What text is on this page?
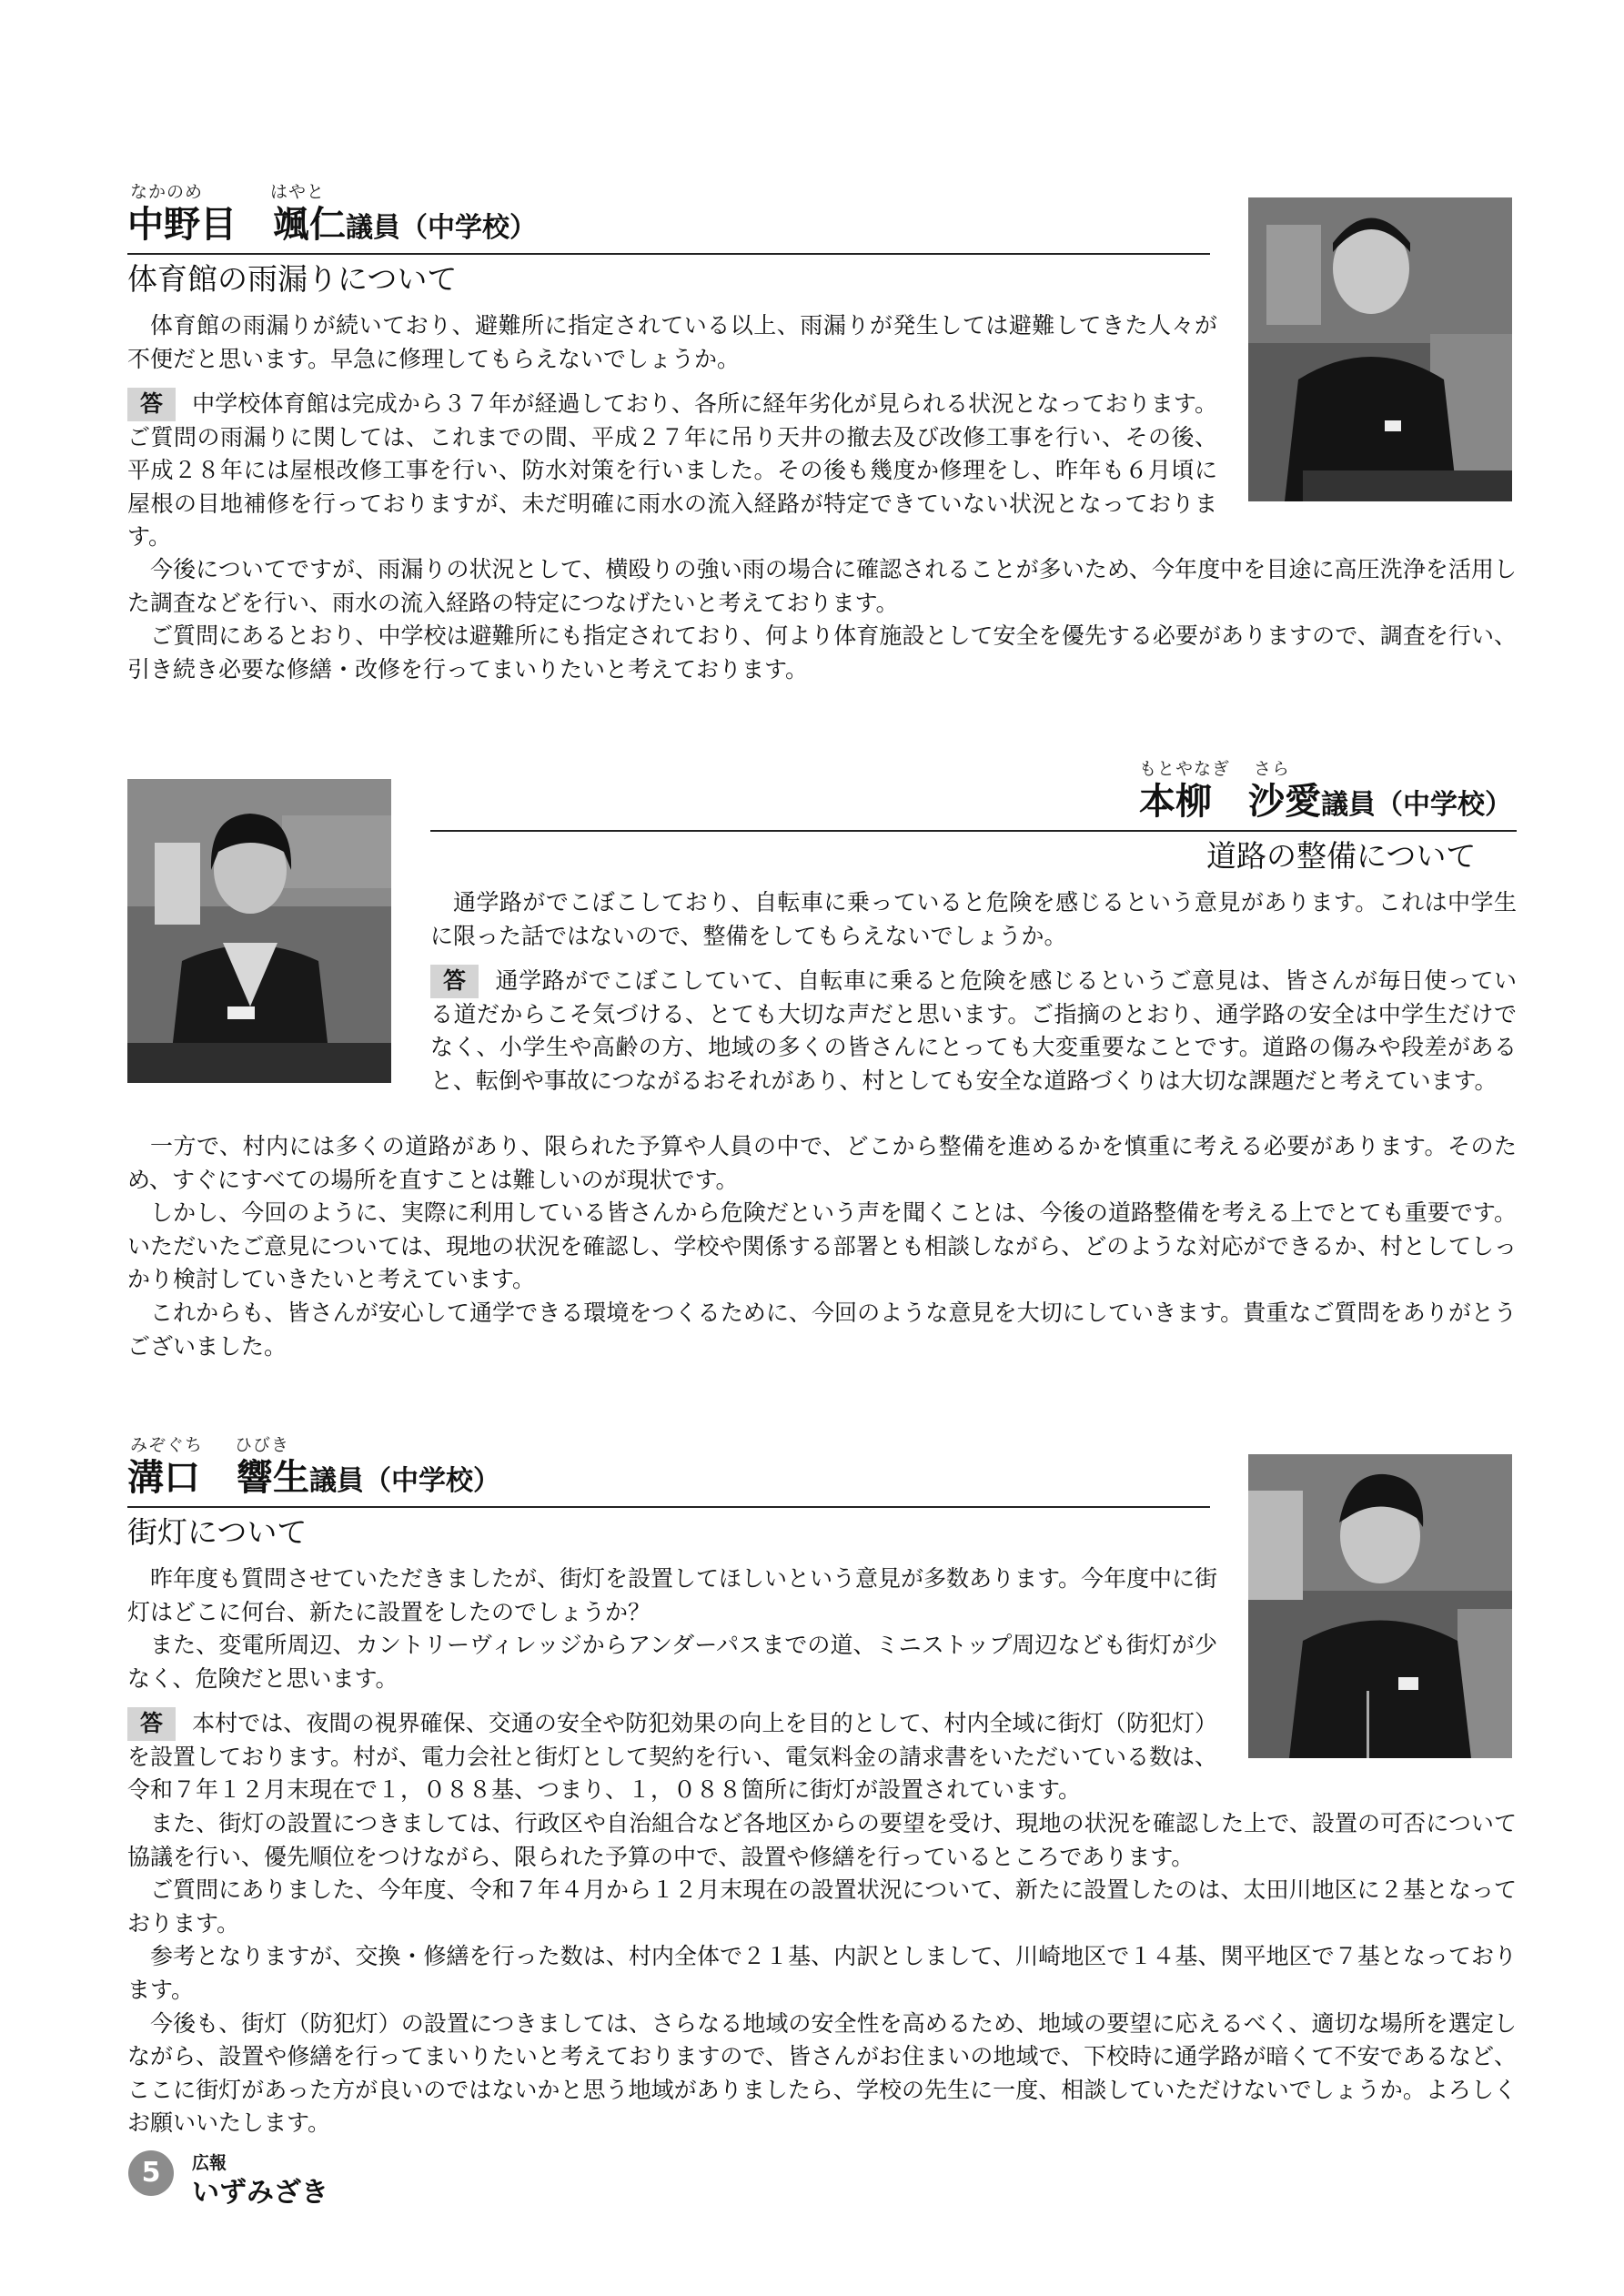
なかのめ	はやと
中野目　颯仁議員（中学校）
体育館の雨漏りについて

体育館の雨漏りが続いており、避難所に指定されている以上、雨漏りが発生しては避難してきた人々が不便だと思います。早急に修理してもらえないでしょうか。

答 中学校体育館は完成から３７年が経過しており、各所に経年劣化が見られる状況となっております。ご質問の雨漏りに関しては、これまでの間、平成２７年に吊り天井の撤去及び改修工事を行い、その後、平成２８年には屋根改修工事を行い、防水対策を行いました。その後も幾度か修理をし、昨年も６月頃に屋根の目地補修を行っておりますが、未だ明確に雨水の流入経路が特定できていない状況となっております。

今後についてですが、雨漏りの状況として、横殴りの強い雨の場合に確認されることが多いため、今年度中を目途に高圧洗浄を活用した調査などを行い、雨水の流入経路の特定につなげたいと考えております。

ご質問にあるとおり、中学校は避難所にも指定されており、何より体育施設として安全を優先する必要がありますので、調査を行い、引き続き必要な修繕・改修を行ってまいりたいと考えております。

もとやなぎ さら
本柳　沙愛議員（中学校）
道路の整備について

通学路がでこぼこしており、自転車に乗っていると危険を感じるという意見があります。これは中学生に限った話ではないので、整備をしてもらえないでしょうか。

答 通学路がでこぼこしていて、自転車に乗ると危険を感じるというご意見は、皆さんが毎日使っている道だからこそ気づける、とても大切な声だと思います。ご指摘のとおり、通学路の安全は中学生だけでなく、小学生や高齢の方、地域の多くの皆さんにとっても大変重要なことです。道路の傷みや段差があると、転倒や事故につながるおそれがあり、村としても安全な道路づくりは大切な課題だと考えています。

一方で、村内には多くの道路があり、限られた予算や人員の中で、どこから整備を進めるかを慎重に考える必要があります。そのため、すぐにすべての場所を直すことは難しいのが現状です。

しかし、今回のように、実際に利用している皆さんから危険だという声を聞くことは、今後の道路整備を考える上でとても重要です。いただいたご意見については、現地の状況を確認し、学校や関係する部署とも相談しながら、どのような対応ができるか、村としてしっかり検討していきたいと考えています。

これからも、皆さんが安心して通学できる環境をつくるために、今回のような意見を大切にしていきます。貴重なご質問をありがとうございました。

みぞぐち ひびき
溝口　響生議員（中学校）
街灯について

昨年度も質問させていただきましたが、街灯を設置してほしいという意見が多数あります。今年度中に街灯はどこに何台、新たに設置をしたのでしょうか？

また、変電所周辺、カントリーヴィレッジからアンダーパスまでの道、ミニストップ周辺なども街灯が少なく、危険だと思います。

答 本村では、夜間の視界確保、交通の安全や防犯効果の向上を目的として、村内全域に街灯（防犯灯）を設置しております。村が、電力会社と街灯として契約を行い、電気料金の請求書をいただいている数は、令和７年１２月末現在で１，０８８基、つまり、１，０８８箇所に街灯が設置されています。

また、街灯の設置につきましては、行政区や自治組合など各地区からの要望を受け、現地の状況を確認した上で、設置の可否について協議を行い、優先順位をつけながら、限られた予算の中で、設置や修繕を行っているところであります。

ご質問にありました、今年度、令和７年４月から１２月末現在の設置状況について、新たに設置したのは、太田川地区に２基となっております。

参考となりますが、交換・修繕を行った数は、村内全体で２１基、内訳としまして、川崎地区で１４基、関平地区で７基となっております。

今後も、街灯（防犯灯）の設置につきましては、さらなる地域の安全性を高めるため、地域の要望に応えるべく、適切な場所を選定しながら、設置や修繕を行ってまいりたいと考えておりますので、皆さんがお住まいの地域で、下校時に通学路が暗くて不安であるなど、ここに街灯があった方が良いのではないかと思う地域がありましたら、学校の先生に一度、相談していただけないでしょうか。よろしくお願いいたします。

5	広報
いずみざき
